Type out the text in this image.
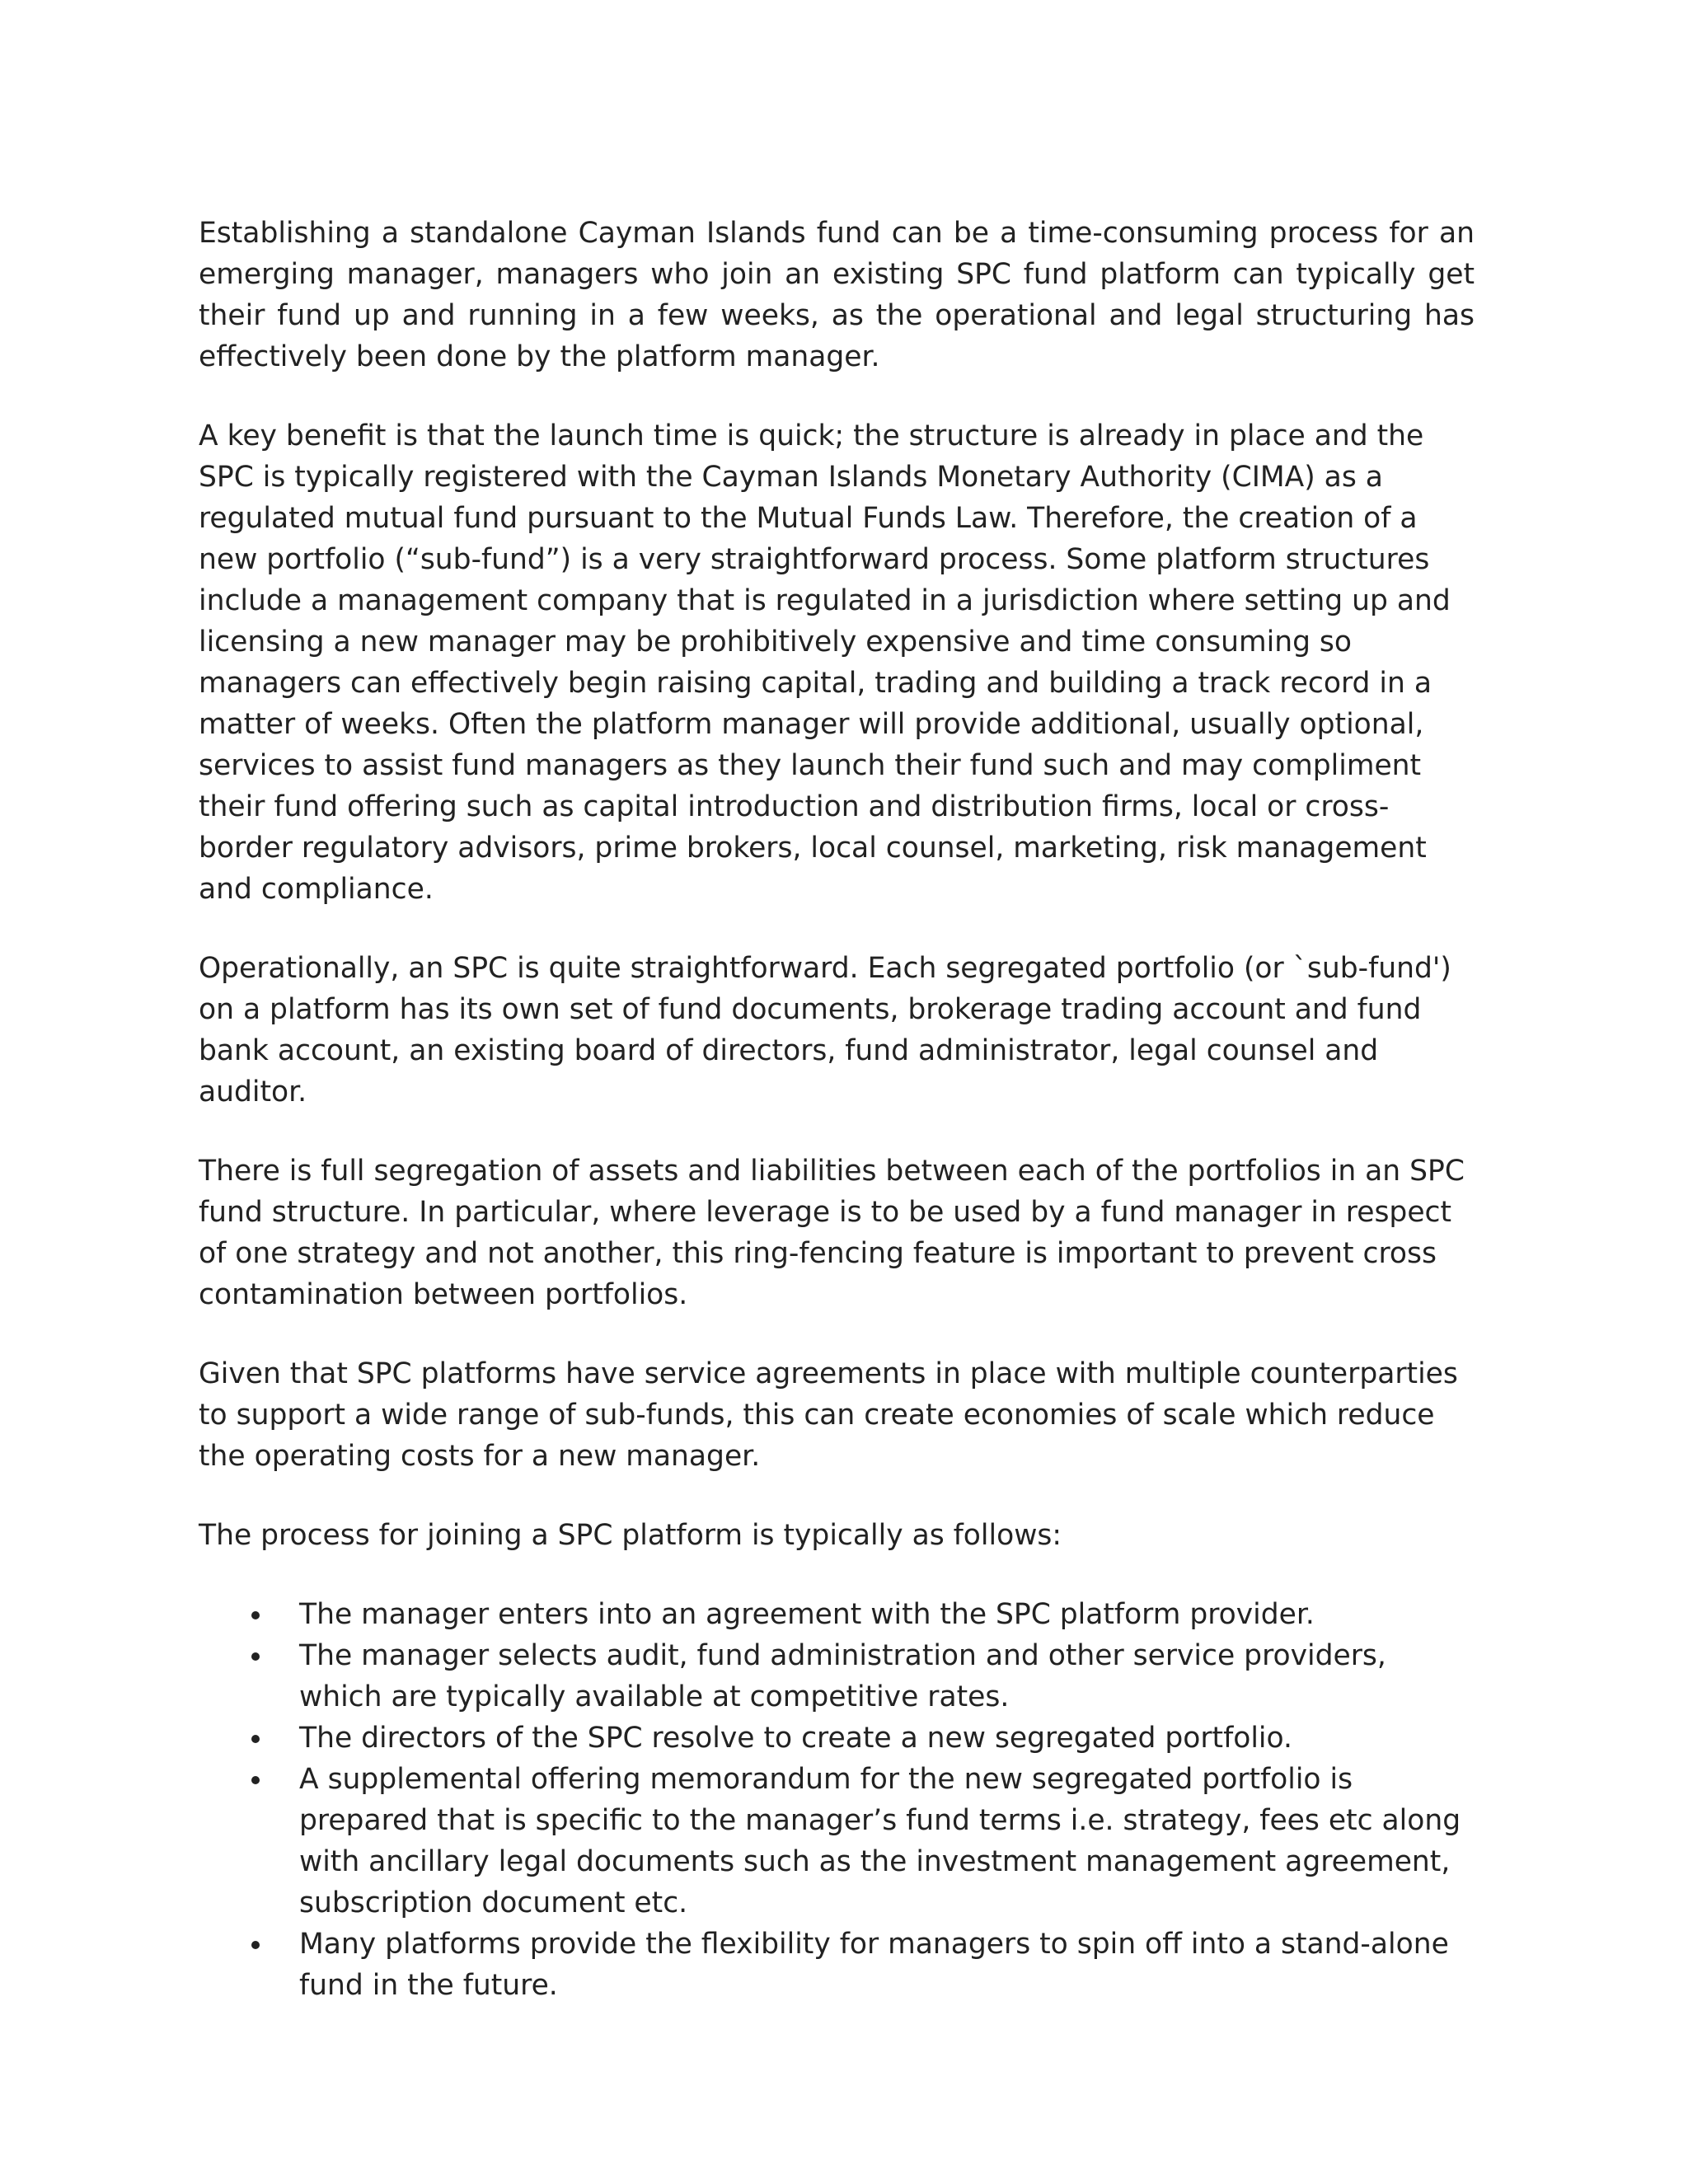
Establishing a standalone Cayman Islands fund can be a time-consuming process for an emerging manager, managers who join an existing SPC fund platform can typically get their fund up and running in a few weeks, as the operational and legal structuring has effectively been done by the platform manager.

A key benefit is that the launch time is quick; the structure is already in place and the SPC is typically registered with the Cayman Islands Monetary Authority (CIMA) as a regulated mutual fund pursuant to the Mutual Funds Law. Therefore, the creation of a new portfolio (“sub-fund”) is a very straightforward process. Some platform structures include a management company that is regulated in a jurisdiction where setting up and licensing a new manager may be prohibitively expensive and time consuming so managers can effectively begin raising capital, trading and building a track record in a matter of weeks. Often the platform manager will provide additional, usually optional, services to assist fund managers as they launch their fund such and may compliment their fund offering such as capital introduction and distribution firms, local or cross-border regulatory advisors, prime brokers, local counsel, marketing, risk management and compliance.

Operationally, an SPC is quite straightforward. Each segregated portfolio (or `sub-fund') on a platform has its own set of fund documents, brokerage trading account and fund bank account, an existing board of directors, fund administrator, legal counsel and auditor.

There is full segregation of assets and liabilities between each of the portfolios in an SPC fund structure. In particular, where leverage is to be used by a fund manager in respect of one strategy and not another, this ring-fencing feature is important to prevent cross contamination between portfolios.

Given that SPC platforms have service agreements in place with multiple counterparties to support a wide range of sub-funds, this can create economies of scale which reduce the operating costs for a new manager.

The process for joining a SPC platform is typically as follows:

The manager enters into an agreement with the SPC platform provider.
The manager selects audit, fund administration and other service providers, which are typically available at competitive rates.
The directors of the SPC resolve to create a new segregated portfolio.
A supplemental offering memorandum for the new segregated portfolio is prepared that is specific to the manager’s fund terms i.e. strategy, fees etc along with ancillary legal documents such as the investment management agreement, subscription document etc.
Many platforms provide the flexibility for managers to spin off into a stand-alone fund in the future.
